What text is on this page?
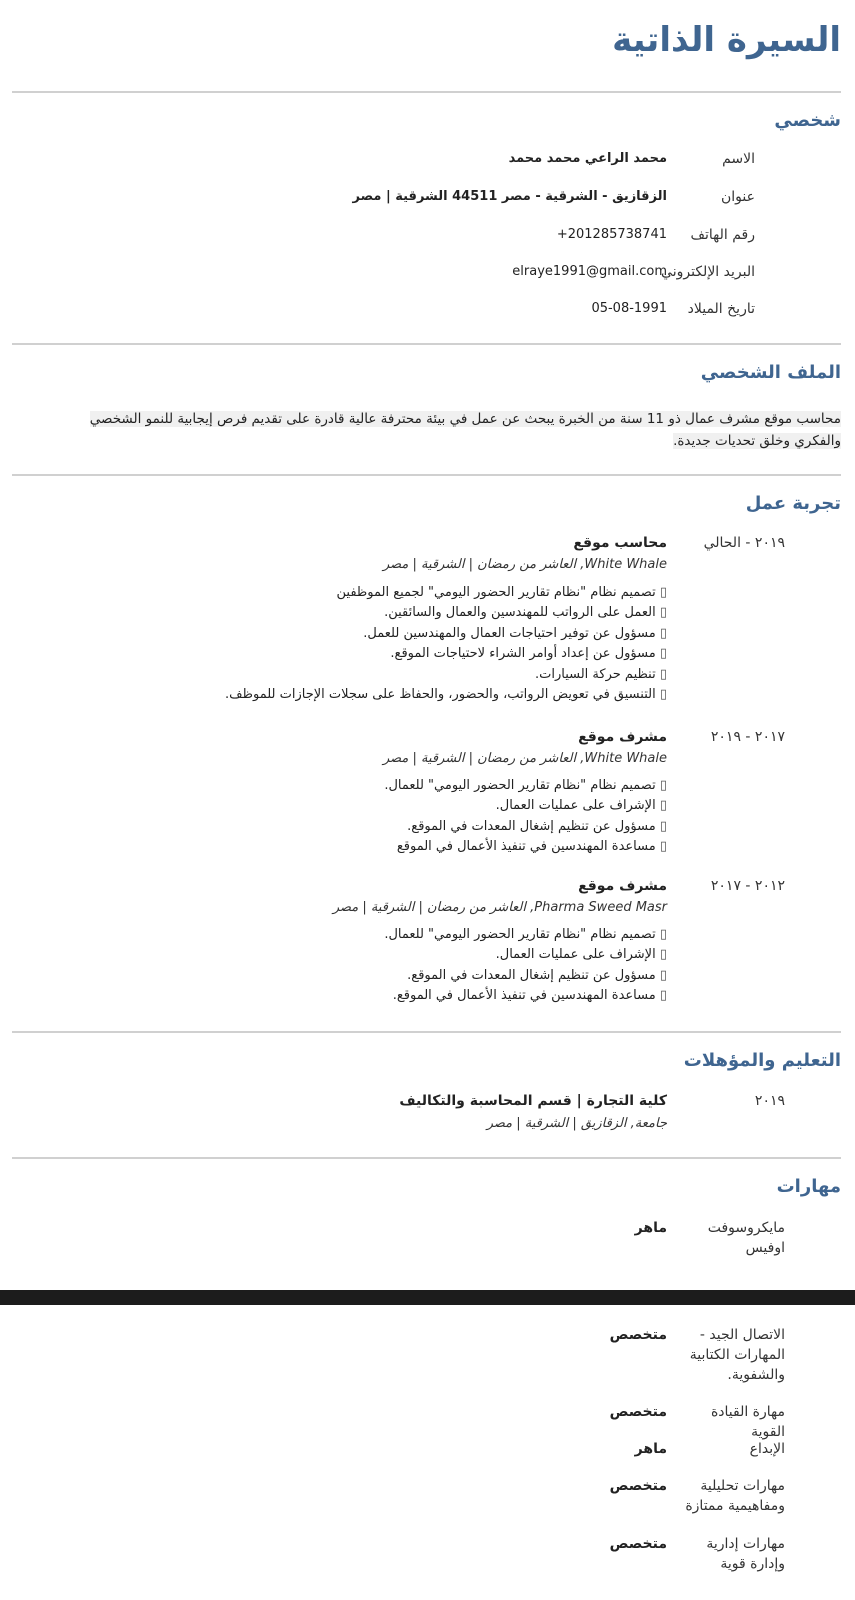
السيرة الذاتية
شخصي
الاسم
محمد الراعي محمد محمد
عنوان
الزقازيق - الشرقية - مصر 44511 الشرقية | مصر
رقم الهاتف
+201285738741
البريد الإلكتروني
elraye1991@gmail.com
تاريخ الميلاد
05-08-1991
الملف الشخصي

محاسب موقع مشرف عمال ذو 11 سنة من الخبرة يبحث عن عمل في بيئة محترفة عالية قادرة على تقديم فرص إيجابية للنمو الشخصي والفكري وخلق تحديات جديدة.

تجربة عمل
٢٠١٩ - الحالي
محاسب موقع
White Whale, العاشر من رمضان | الشرقية | مصر
▯ تصميم نظام "نظام تقارير الحضور اليومي" لجميع الموظفين
▯ العمل على الرواتب للمهندسين والعمال والسائقين.
▯ مسؤول عن توفير احتياجات العمال والمهندسين للعمل.
▯ مسؤول عن إعداد أوامر الشراء لاحتياجات الموقع.
▯ تنظيم حركة السيارات.
▯ التنسيق في تعويض الرواتب، والحضور، والحفاظ على سجلات الإجازات للموظف.
٢٠١٧ - ٢٠١٩
مشرف موقع
White Whale, العاشر من رمضان | الشرقية | مصر
▯ تصميم نظام "نظام تقارير الحضور اليومي" للعمال.
▯ الإشراف على عمليات العمال.
▯ مسؤول عن تنظيم إشغال المعدات في الموقع.
▯ مساعدة المهندسين في تنفيذ الأعمال في الموقع
٢٠١٢ - ٢٠١٧
مشرف موقع
Pharma Sweed Masr, العاشر من رمضان | الشرقية | مصر
▯ تصميم نظام "نظام تقارير الحضور اليومي" للعمال.
▯ الإشراف على عمليات العمال.
▯ مسؤول عن تنظيم إشغال المعدات في الموقع.
▯ مساعدة المهندسين في تنفيذ الأعمال في الموقع.
التعليم والمؤهلات
٢٠١٩
كلية التجارة | قسم المحاسبة والتكاليف
جامعة, الزقازيق | الشرقية | مصر
مهارات
مايكروسوفت اوفيس
ماهر
الاتصال الجيد - المهارات الكتابية والشفوية.
متخصص
مهارة القيادة القوية
متخصص
الإبداع
ماهر
مهارات تحليلية ومفاهيمية ممتازة
متخصص
مهارات إدارية وإدارة قوية
متخصص
